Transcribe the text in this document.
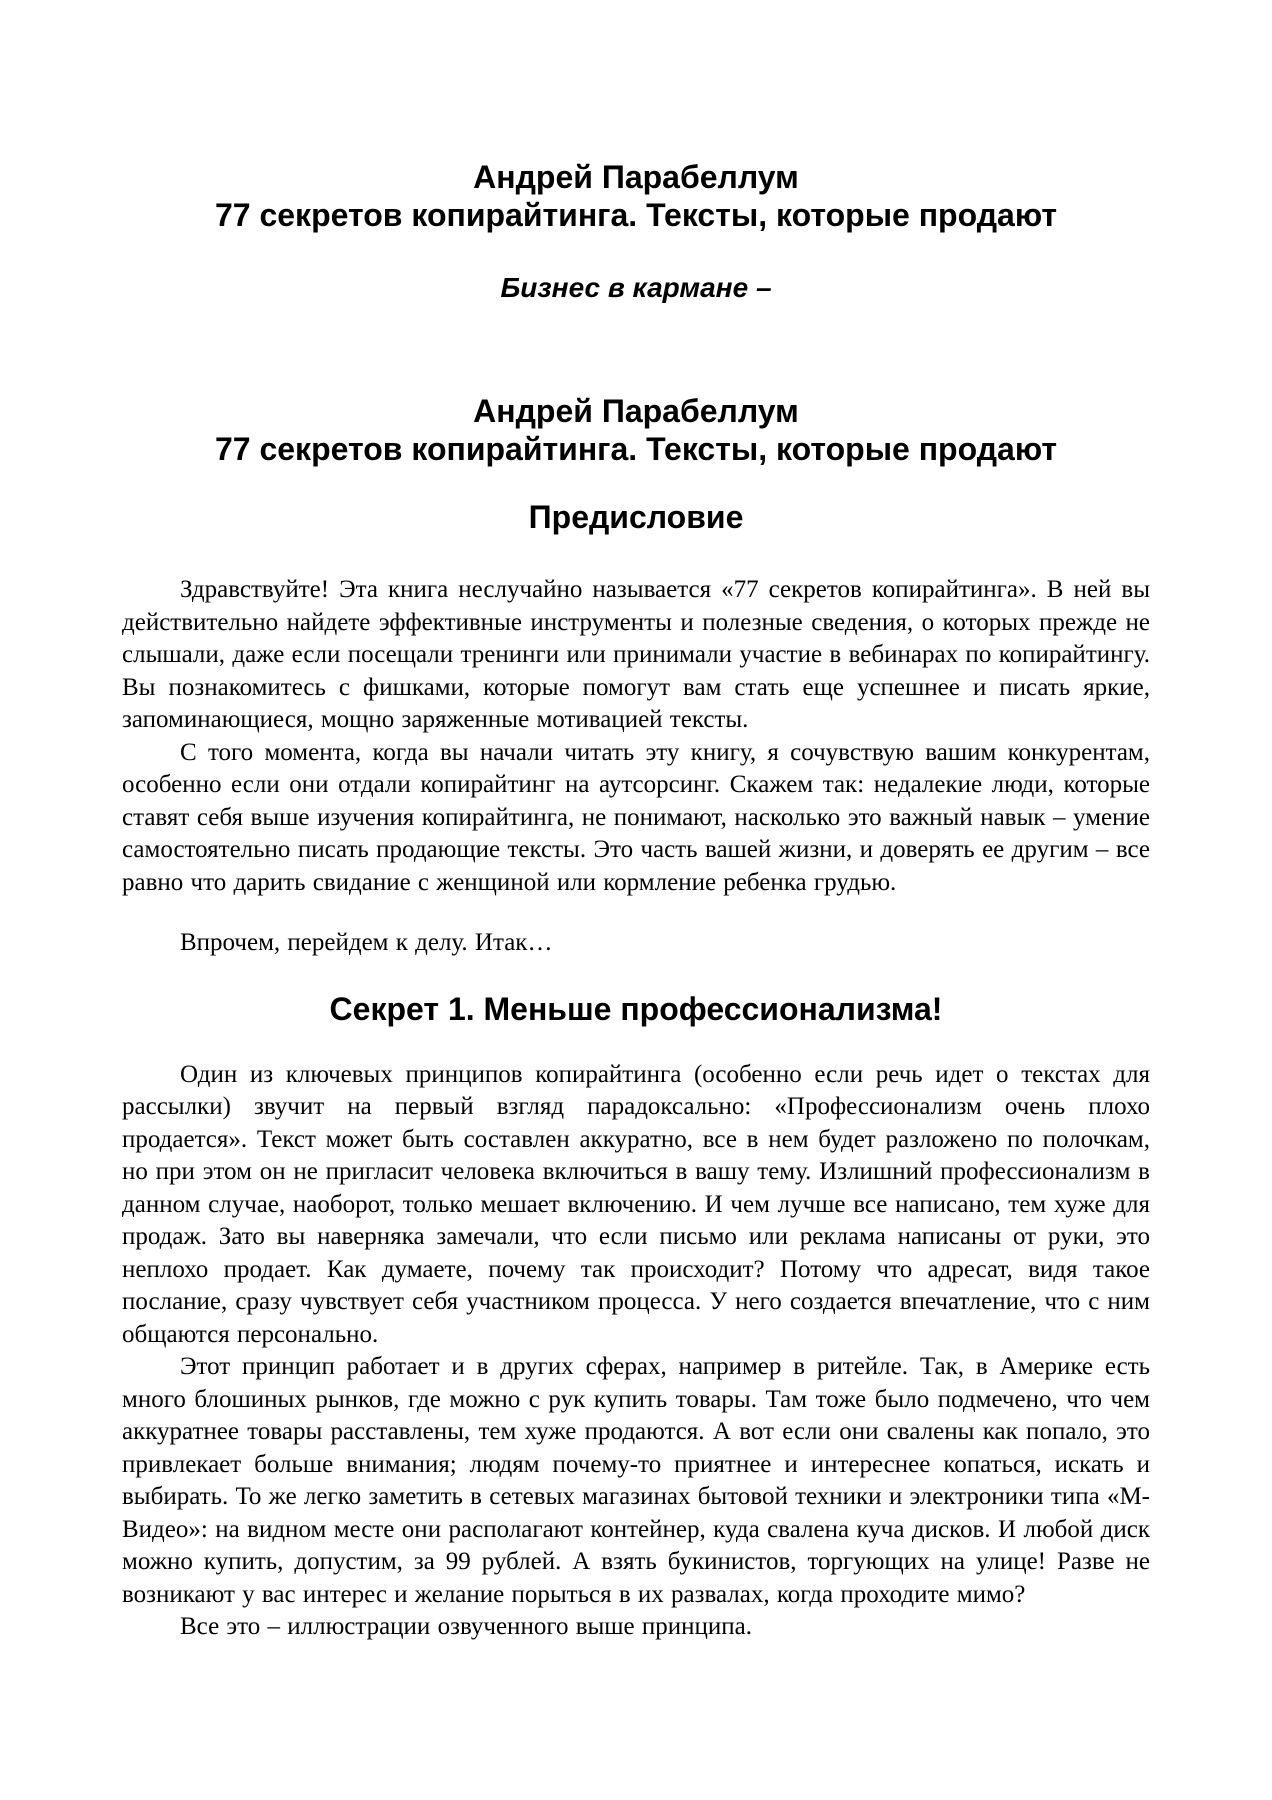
Андрей Парабеллум
77 секретов копирайтинга. Тексты, которые продают
Бизнес в кармане –
Андрей Парабеллум
77 секретов копирайтинга. Тексты, которые продают
Предисловие

Здравствуйте! Эта книга неслучайно называется «77 секретов копирайтинга». В ней вы действительно найдете эффективные инструменты и полезные сведения, о которых прежде не слышали, даже если посещали тренинги или принимали участие в вебинарах по копирайтингу. Вы познакомитесь с фишками, которые помогут вам стать еще успешнее и писать яркие, запоминающиеся, мощно заряженные мотивацией тексты.

С того момента, когда вы начали читать эту книгу, я сочувствую вашим конкурентам, особенно если они отдали копирайтинг на аутсорсинг. Скажем так: недалекие люди, которые ставят себя выше изучения копирайтинга, не понимают, насколько это важный навык – умение самостоятельно писать продающие тексты. Это часть вашей жизни, и доверять ее другим – все равно что дарить свидание с женщиной или кормление ребенка грудью.

Впрочем, перейдем к делу. Итак…

Секрет 1. Меньше профессионализма!

Один из ключевых принципов копирайтинга (особенно если речь идет о текстах для рассылки) звучит на первый взгляд парадоксально: «Профессионализм очень плохо продается». Текст может быть составлен аккуратно, все в нем будет разложено по полочкам, но при этом он не пригласит человека включиться в вашу тему. Излишний профессионализм в данном случае, наоборот, только мешает включению. И чем лучше все написано, тем хуже для продаж. Зато вы наверняка замечали, что если письмо или реклама написаны от руки, это неплохо продает. Как думаете, почему так происходит? Потому что адресат, видя такое послание, сразу чувствует себя участником процесса. У него создается впечатление, что с ним общаются персонально.

Этот принцип работает и в других сферах, например в ритейле. Так, в Америке есть много блошиных рынков, где можно с рук купить товары. Там тоже было подмечено, что чем аккуратнее товары расставлены, тем хуже продаются. А вот если они свалены как попало, это привлекает больше внимания; людям почему-то приятнее и интереснее копаться, искать и выбирать. То же легко заметить в сетевых магазинах бытовой техники и электроники типа «М-Видео»: на видном месте они располагают контейнер, куда свалена куча дисков. И любой диск можно купить, допустим, за 99 рублей. А взять букинистов, торгующих на улице! Разве не возникают у вас интерес и желание порыться в их развалах, когда проходите мимо?

Все это – иллюстрации озвученного выше принципа.
